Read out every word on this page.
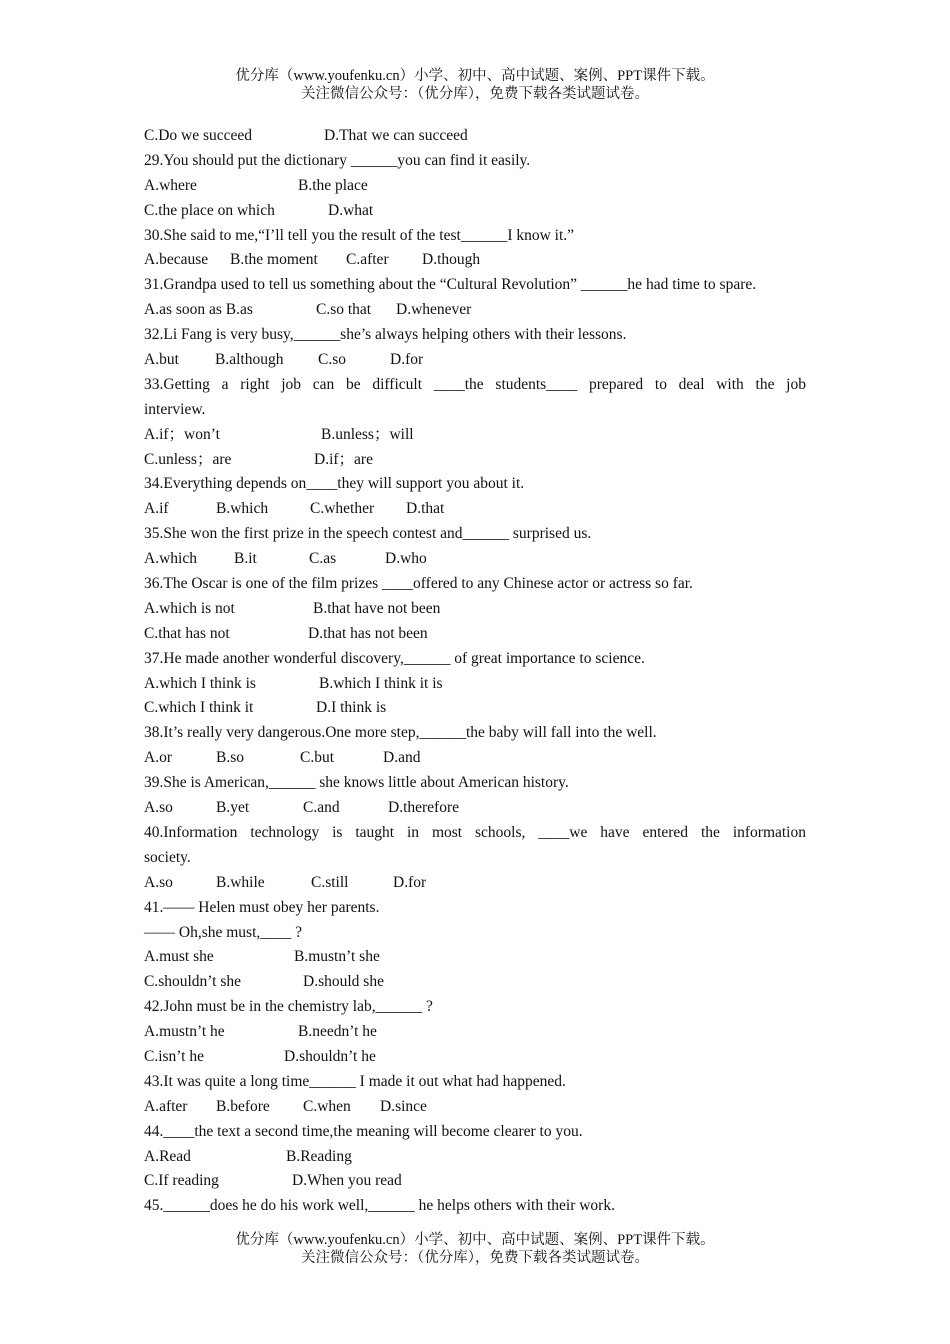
优分库（www.youfenku.cn）小学、初中、高中试题、案例、PPT课件下载。
关注微信公众号：（优分库），免费下载各类试题试卷。
C.Do we succeed	D.That we can succeed
29.You should put the dictionary ______you can find it easily.
A.where	B.the place
C.the place on which	D.what
30.She said to me,“I’ll tell you the result of the test______I know it.”
A.because B.the moment C.after D.though
31.Grandpa used to tell us something about the “Cultural Revolution” ______he had time to spare.
A.as soon as B.as	C.so that D.whenever
32.Li Fang is very busy,______she’s always helping others with their lessons.
A.but B.although C.so	D.for
33.Getting a right job can be difficult ____the students____ prepared to deal with the job
interview.
A.if；won’t	B.unless；will
C.unless；are	D.if；are
34.Everything depends on____they will support you about it.
A.if	B.which	C.whether D.that
35.She won the first prize in the speech contest and______ surprised us.
A.which B.it	C.as	D.who
36.The Oscar is one of the film prizes ____offered to any Chinese actor or actress so far.
A.which is not	B.that have not been
C.that has not	D.that has not been
37.He made another wonderful discovery,______ of great importance to science.
A.which I think is	B.which I think it is
C.which I think it	D.I think is
38.It’s really very dangerous.One more step,______the baby will fall into the well.
A.or	B.so	C.but	D.and
39.She is American,______ she knows little about American history.
A.so	B.yet	C.and	D.therefore
40.Information technology is taught in most schools, ____we have entered the information
society.
A.so	B.while	C.still	D.for
41.—— Helen must obey her parents.
—— Oh,she must,____ ?
A.must she	B.mustn’t she
C.shouldn’t she	D.should she
42.John must be in the chemistry lab,______ ?
A.mustn’t he	B.needn’t he
C.isn’t he	D.shouldn’t he
43.It was quite a long time______ I made it out what had happened.
A.after B.before C.when D.since
44.____the text a second time,the meaning will become clearer to you.
A.Read	B.Reading
C.If reading	D.When you read
45.______does he do his work well,______ he helps others with their work.
优分库（www.youfenku.cn）小学、初中、高中试题、案例、PPT课件下载。
关注微信公众号：（优分库），免费下载各类试题试卷。
